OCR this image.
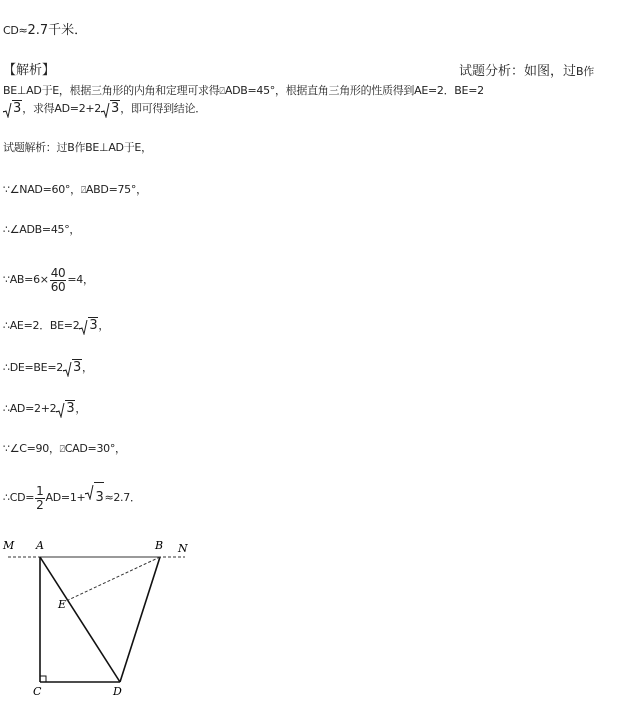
CD≈2.7千米．
【解析】	试题分析：如图，过B作
BE⊥AD于E，根据三角形的内角和定理可求得⍁ADB=45°，根据直角三角形的性质得到AE=2．BE=2
3，求得AD=2+2 3，即可得到结论．
试题解析：过B作BE⊥AD于E，
∵∠NAD=60°，⍁ABD=75°，
∴∠ADB=45°，
∵AB=6× $\frac{40}{60} =4$，
∴AE=2．BE=2 3，
∴DE=BE=2 3，
∴AD=2+2 3，
∵∠C=90，⍁CAD=30°，
∴CD= $\frac{1}{2} AD=1+ 3\approx 2.7$．
M A	B N
E
C	D
